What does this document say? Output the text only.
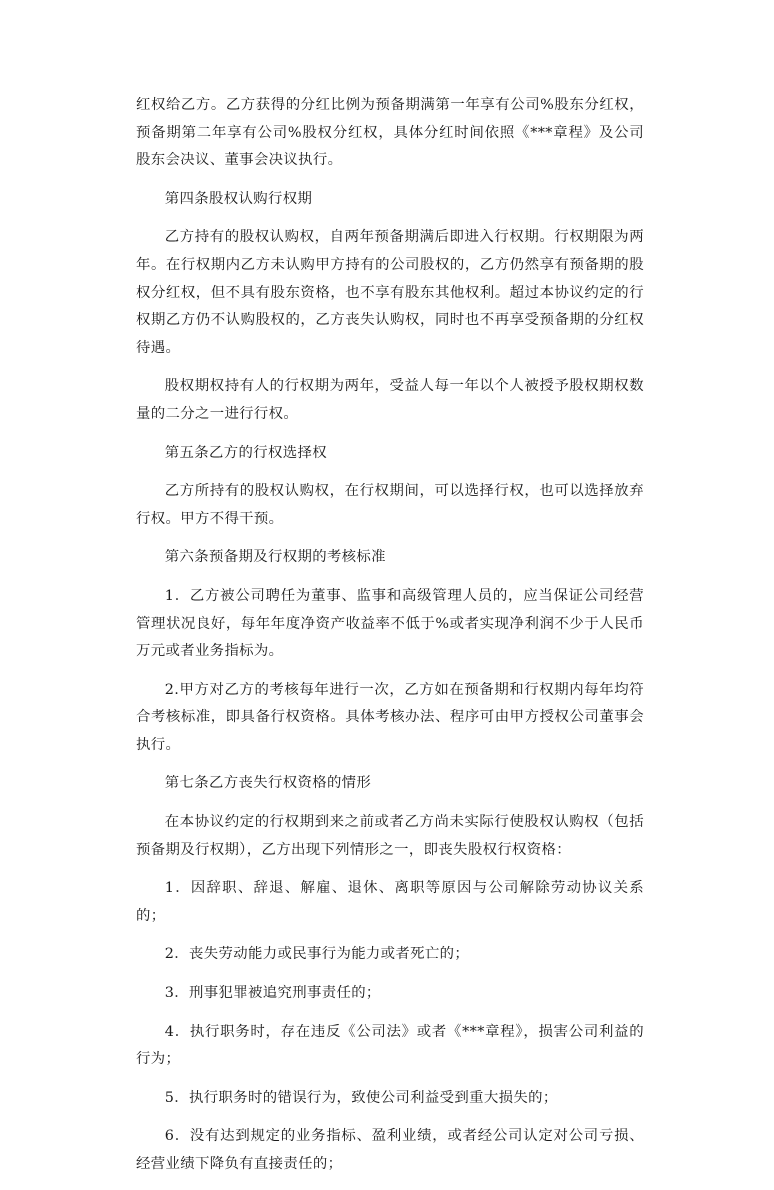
红权给乙方。乙方获得的分红比例为预备期满第一年享有公司%股东分红权，预备期第二年享有公司%股权分红权，具体分红时间依照《***章程》及公司股东会决议、董事会决议执行。

第四条股权认购行权期

乙方持有的股权认购权，自两年预备期满后即进入行权期。行权期限为两年。在行权期内乙方未认购甲方持有的公司股权的，乙方仍然享有预备期的股权分红权，但不具有股东资格，也不享有股东其他权利。超过本协议约定的行权期乙方仍不认购股权的，乙方丧失认购权，同时也不再享受预备期的分红权待遇。

股权期权持有人的行权期为两年，受益人每一年以个人被授予股权期权数量的二分之一进行行权。

第五条乙方的行权选择权

乙方所持有的股权认购权，在行权期间，可以选择行权，也可以选择放弃行权。甲方不得干预。

第六条预备期及行权期的考核标准

1．乙方被公司聘任为董事、监事和高级管理人员的，应当保证公司经营管理状况良好，每年年度净资产收益率不低于%或者实现净利润不少于人民币万元或者业务指标为。

2.甲方对乙方的考核每年进行一次，乙方如在预备期和行权期内每年均符合考核标准，即具备行权资格。具体考核办法、程序可由甲方授权公司董事会执行。

第七条乙方丧失行权资格的情形

在本协议约定的行权期到来之前或者乙方尚未实际行使股权认购权（包括预备期及行权期），乙方出现下列情形之一，即丧失股权行权资格：

1．因辞职、辞退、解雇、退休、离职等原因与公司解除劳动协议关系的；

2．丧失劳动能力或民事行为能力或者死亡的；

3．刑事犯罪被追究刑事责任的；

4．执行职务时，存在违反《公司法》或者《***章程》，损害公司利益的行为；

5．执行职务时的错误行为，致使公司利益受到重大损失的；

6．没有达到规定的业务指标、盈利业绩，或者经公司认定对公司亏损、经营业绩下降负有直接责任的；
